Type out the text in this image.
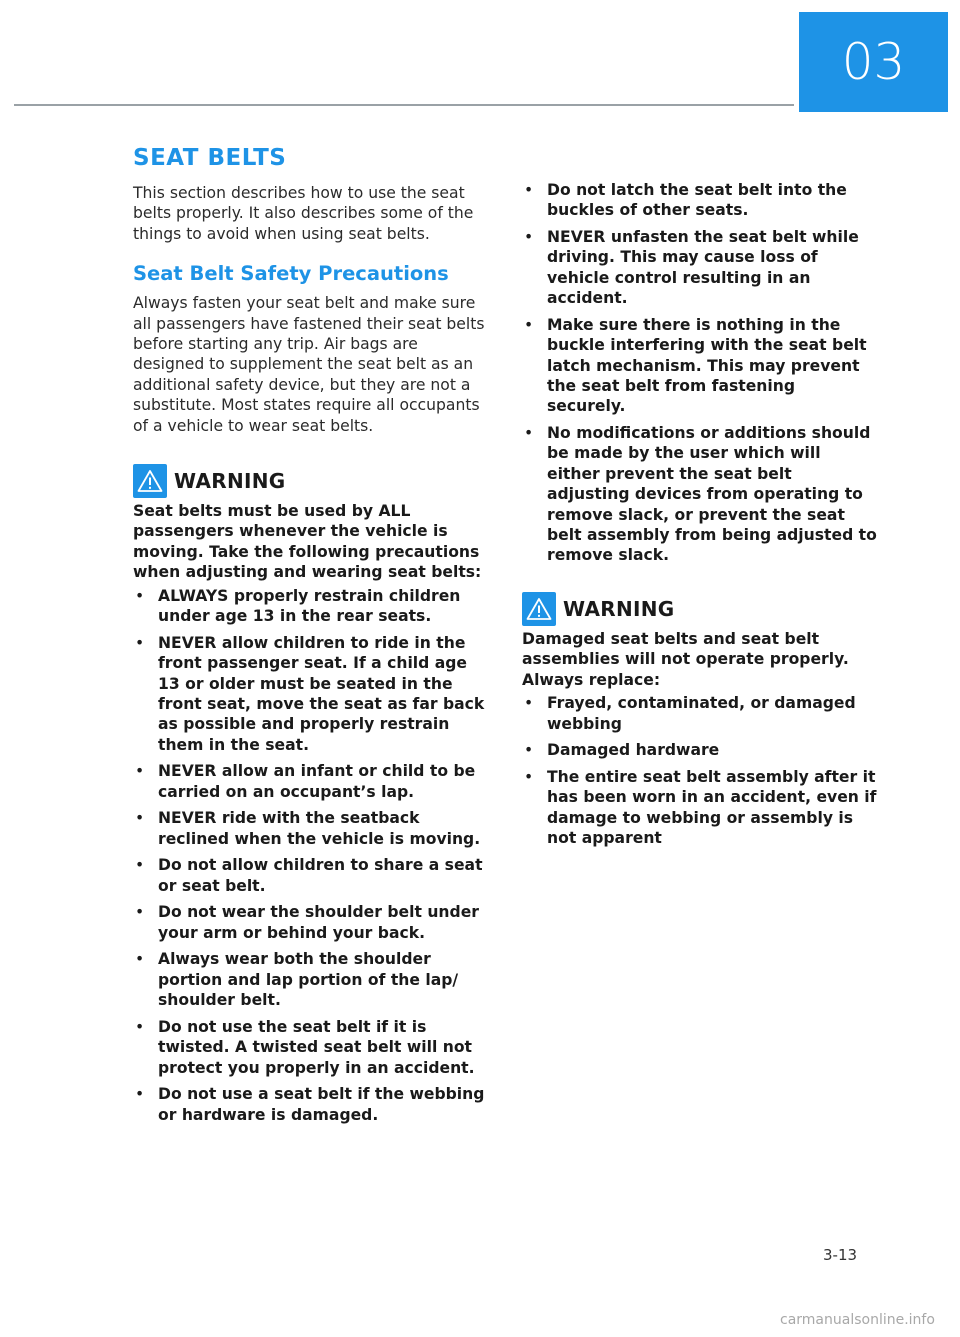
03
SEAT BELTS

This section describes how to use the seat belts properly. It also describes some of the things to avoid when using seat belts.

Seat Belt Safety Precautions

Always fasten your seat belt and make sure all passengers have fastened their seat belts before starting any trip. Air bags are designed to supplement the seat belt as an additional safety device, but they are not a substitute. Most states require all occupants of a vehicle to wear seat belts.

WARNING

Seat belts must be used by ALL passengers whenever the vehicle is moving. Take the following precautions when adjusting and wearing seat belts:

• ALWAYS properly restrain children under age 13 in the rear seats.
• NEVER allow children to ride in the front passenger seat. If a child age 13 or older must be seated in the front seat, move the seat as far back as possible and properly restrain them in the seat.
• NEVER allow an infant or child to be carried on an occupant’s lap.
• NEVER ride with the seatback reclined when the vehicle is moving.
• Do not allow children to share a seat or seat belt.
• Do not wear the shoulder belt under your arm or behind your back.
• Always wear both the shoulder portion and lap portion of the lap/ shoulder belt.
• Do not use the seat belt if it is twisted. A twisted seat belt will not protect you properly in an accident.
• Do not use a seat belt if the webbing or hardware is damaged.
• Do not latch the seat belt into the buckles of other seats.
• NEVER unfasten the seat belt while driving. This may cause loss of vehicle control resulting in an accident.
• Make sure there is nothing in the buckle interfering with the seat belt latch mechanism. This may prevent the seat belt from fastening securely.
• No modifications or additions should be made by the user which will either prevent the seat belt adjusting devices from operating to remove slack, or prevent the seat belt assembly from being adjusted to remove slack.
WARNING

Damaged seat belts and seat belt assemblies will not operate properly. Always replace:

• Frayed, contaminated, or damaged webbing
• Damaged hardware
• The entire seat belt assembly after it has been worn in an accident, even if damage to webbing or assembly is not apparent
3-13
carmanualsonline.info
